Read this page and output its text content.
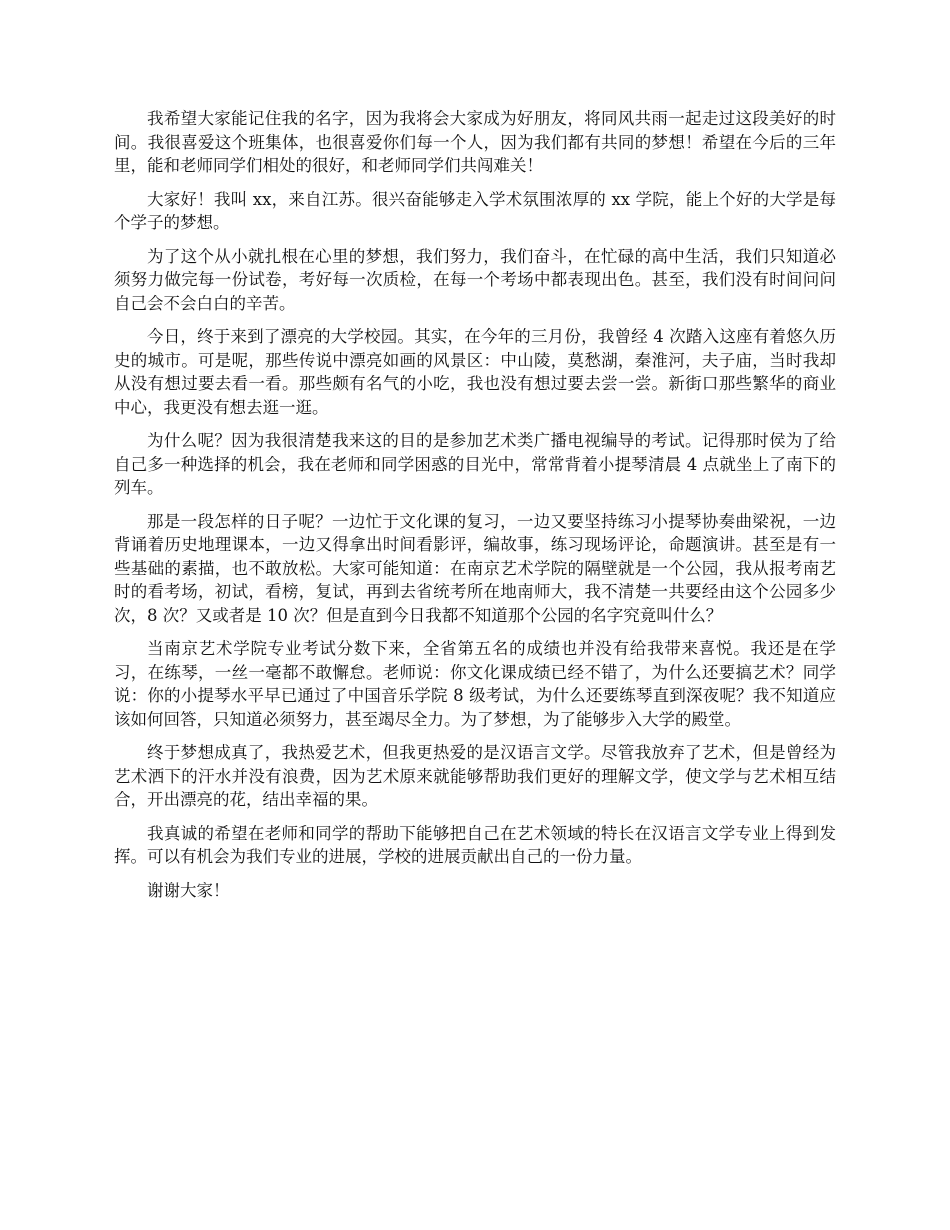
我希望大家能记住我的名字，因为我将会大家成为好朋友，将同风共雨一起走过这段美好的时间。我很喜爱这个班集体，也很喜爱你们每一个人，因为我们都有共同的梦想！希望在今后的三年里，能和老师同学们相处的很好，和老师同学们共闯难关！

大家好！我叫 xx，来自江苏。很兴奋能够走入学术氛围浓厚的 xx 学院，能上个好的大学是每个学子的梦想。

为了这个从小就扎根在心里的梦想，我们努力，我们奋斗，在忙碌的高中生活，我们只知道必须努力做完每一份试卷，考好每一次质检，在每一个考场中都表现出色。甚至，我们没有时间问问自己会不会白白的辛苦。

今日，终于来到了漂亮的大学校园。其实，在今年的三月份，我曾经 4 次踏入这座有着悠久历史的城市。可是呢，那些传说中漂亮如画的风景区：中山陵，莫愁湖，秦淮河，夫子庙，当时我却从没有想过要去看一看。那些颇有名气的小吃，我也没有想过要去尝一尝。新街口那些繁华的商业中心，我更没有想去逛一逛。

为什么呢？因为我很清楚我来这的目的是参加艺术类广播电视编导的考试。记得那时侯为了给自己多一种选择的机会，我在老师和同学困惑的目光中，常常背着小提琴清晨 4 点就坐上了南下的列车。

那是一段怎样的日子呢？一边忙于文化课的复习，一边又要坚持练习小提琴协奏曲梁祝，一边背诵着历史地理课本，一边又得拿出时间看影评，编故事，练习现场评论，命题演讲。甚至是有一些基础的素描，也不敢放松。大家可能知道：在南京艺术学院的隔壁就是一个公园，我从报考南艺时的看考场，初试，看榜，复试，再到去省统考所在地南师大，我不清楚一共要经由这个公园多少次，8 次？又或者是 10 次？但是直到今日我都不知道那个公园的名字究竟叫什么？

当南京艺术学院专业考试分数下来，全省第五名的成绩也并没有给我带来喜悦。我还是在学习，在练琴，一丝一毫都不敢懈怠。老师说：你文化课成绩已经不错了，为什么还要搞艺术？同学说：你的小提琴水平早已通过了中国音乐学院 8 级考试，为什么还要练琴直到深夜呢？我不知道应该如何回答，只知道必须努力，甚至竭尽全力。为了梦想，为了能够步入大学的殿堂。

终于梦想成真了，我热爱艺术，但我更热爱的是汉语言文学。尽管我放弃了艺术，但是曾经为艺术洒下的汗水并没有浪费，因为艺术原来就能够帮助我们更好的理解文学，使文学与艺术相互结合，开出漂亮的花，结出幸福的果。

我真诚的希望在老师和同学的帮助下能够把自己在艺术领域的特长在汉语言文学专业上得到发挥。可以有机会为我们专业的进展，学校的进展贡献出自己的一份力量。

谢谢大家！
